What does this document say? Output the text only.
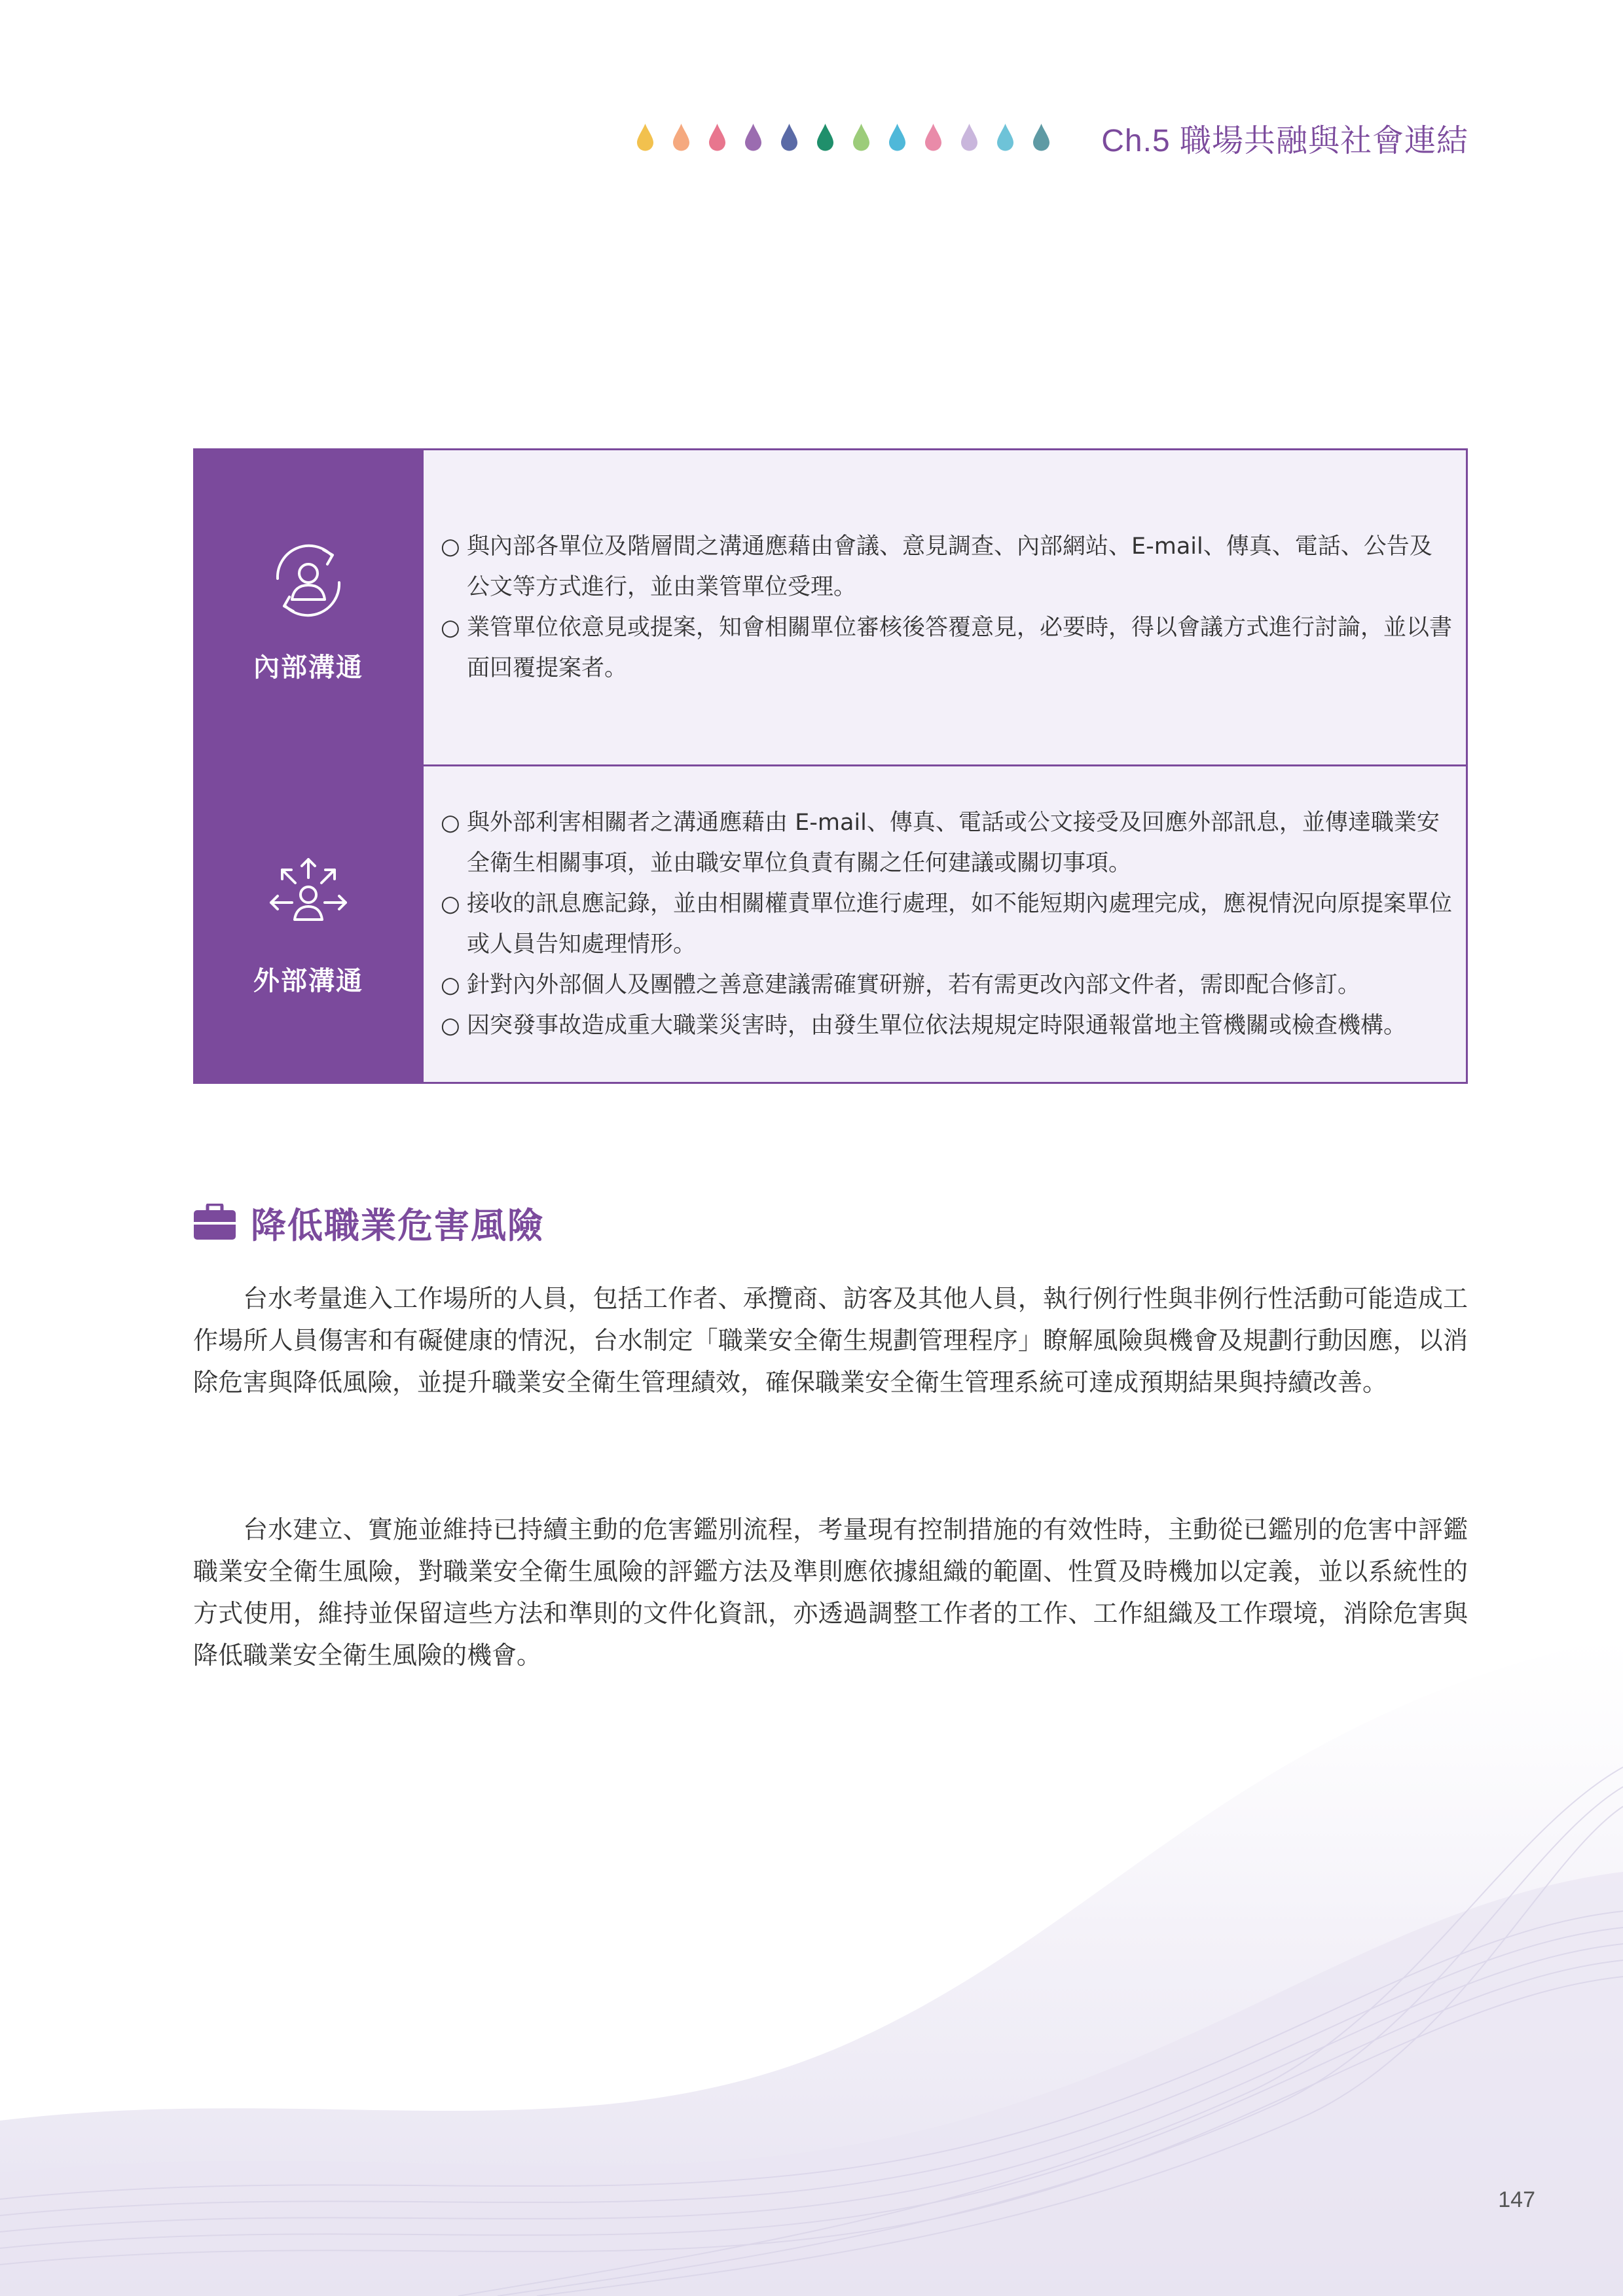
Ch.5 職場共融與社會連結
內部溝通
○ 與內部各單位及階層間之溝通應藉由會議、意見調查、內部網站、E-mail、傳真、電話、公告及公文等方式進行，並由業管單位受理。
○ 業管單位依意見或提案，知會相關單位審核後答覆意見，必要時，得以會議方式進行討論，並以書面回覆提案者。
外部溝通
○ 與外部利害相關者之溝通應藉由 E-mail、傳真、電話或公文接受及回應外部訊息，並傳達職業安全衛生相關事項，並由職安單位負責有關之任何建議或關切事項。
○ 接收的訊息應記錄，並由相關權責單位進行處理，如不能短期內處理完成，應視情況向原提案單位或人員告知處理情形。
○ 針對內外部個人及團體之善意建議需確實研辦，若有需更改內部文件者，需即配合修訂。
○ 因突發事故造成重大職業災害時，由發生單位依法規規定時限通報當地主管機關或檢查機構。
降低職業危害風險

台水考量進入工作場所的人員，包括工作者、承攬商、訪客及其他人員，執行例行性與非例行性活動可能造成工作場所人員傷害和有礙健康的情況，台水制定「職業安全衛生規劃管理程序」瞭解風險與機會及規劃行動因應，以消除危害與降低風險，並提升職業安全衛生管理績效，確保職業安全衛生管理系統可達成預期結果與持續改善。

台水建立、實施並維持已持續主動的危害鑑別流程，考量現有控制措施的有效性時，主動從已鑑別的危害中評鑑職業安全衛生風險，對職業安全衛生風險的評鑑方法及準則應依據組織的範圍、性質及時機加以定義，並以系統性的方式使用，維持並保留這些方法和準則的文件化資訊，亦透過調整工作者的工作、工作組織及工作環境，消除危害與降低職業安全衛生風險的機會。

147
